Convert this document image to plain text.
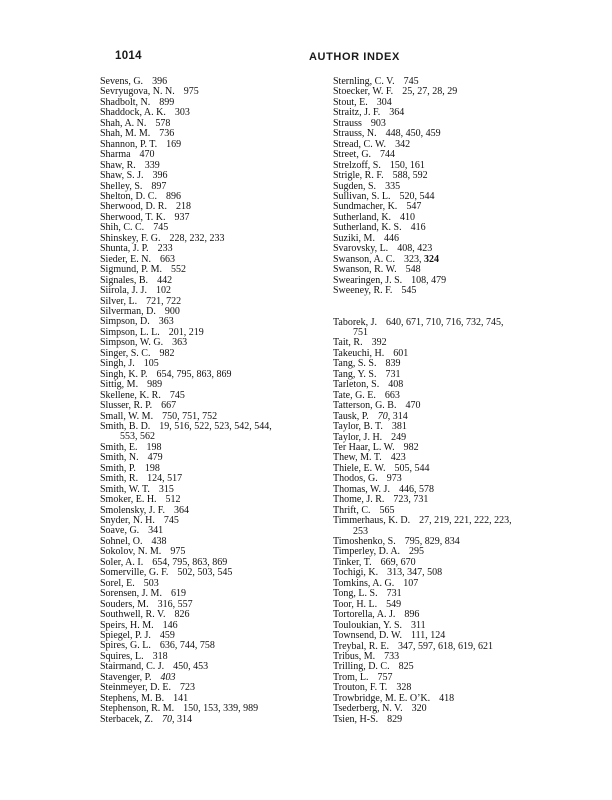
1014	AUTHOR INDEX
Sevens, G. 396
Sevryugova, N. N. 975
Shadbolt, N. 899
Shaddock, A. K. 303
Shah, A. N. 578
Shah, M. M. 736
Shannon, P. T. 169
Sharma 470
Shaw, R. 339
Shaw, S. J. 396
Shelley, S. 897
Shelton, D. C. 896
Sherwood, D. R. 218
Sherwood, T. K. 937
Shih, C. C. 745
Shinskey, F. G. 228, 232, 233
Shunta, J. P. 233
Sieder, E. N. 663
Sigmund, P. M. 552
Signales, B. 442
Siirola, J. J. 102
Silver, L. 721, 722
Silverman, D. 900
Simpson, D. 363
Simpson, L. L. 201, 219
Simpson, W. G. 363
Singer, S. C. 982
Singh, J. 105
Singh, K. P. 654, 795, 863, 869
Sittig, M. 989
Skellene, K. R. 745
Slusser, R. P. 667
Small, W. M. 750, 751, 752
Smith, B. D. 19, 516, 522, 523, 542, 544,
553, 562
Smith, E. 198
Smith, N. 479
Smith, P. 198
Smith, R. 124, 517
Smith, W. T. 315
Smoker, E. H. 512
Smolensky, J. F. 364
Snyder, N. H. 745
Soave, G. 341
Sohnel, O. 438
Sokolov, N. M. 975
Soler, A. I. 654, 795, 863, 869
Somerville, G. F. 502, 503, 545
Sorel, E. 503
Sorensen, J. M. 619
Souders, M. 316, 557
Southwell, R. V. 826
Speirs, H. M. 146
Spiegel, P. J. 459
Spires, G. L. 636, 744, 758
Squires, L. 318
Stairmand, C. J. 450, 453
Stavenger, P. 403
Steinmeyer, D. E. 723
Stephens, M. B. 141
Stephenson, R. M. 150, 153, 339, 989
Sterbacek, Z. 70, 314
Sternling, C. V. 745
Stoecker, W. F. 25, 27, 28, 29
Stout, E. 304
Straitz, J. F. 364
Strauss 903
Strauss, N. 448, 450, 459
Stread, C. W. 342
Street, G. 744
Strelzoff, S. 150, 161
Strigle, R. F. 588, 592
Sugden, S. 335
Sullivan, S. L. 520, 544
Sundmacher, K. 547
Sutherland, K. 410
Sutherland, K. S. 416
Suziki, M. 446
Svarovsky, L. 408, 423
Swanson, A. C. 323, 324
Swanson, R. W. 548
Swearingen, J. S. 108, 479
Sweeney, R. F. 545
Taborek, J. 640, 671, 710, 716, 732, 745,
751
Tait, R. 392
Takeuchi, H. 601
Tang, S. S. 839
Tang, Y. S. 731
Tarleton, S. 408
Tate, G. E. 663
Tatterson, G. B. 470
Tausk, P. 70, 314
Taylor, B. T. 381
Taylor, J. H. 249
Ter Haar, L. W. 982
Thew, M. T. 423
Thiele, E. W. 505, 544
Thodos, G. 973
Thomas, W. J. 446, 578
Thome, J. R. 723, 731
Thrift, C. 565
Timmerhaus, K. D. 27, 219, 221, 222, 223,
253
Timoshenko, S. 795, 829, 834
Timperley, D. A. 295
Tinker, T. 669, 670
Tochigi, K. 313, 347, 508
Tomkins, A. G. 107
Tong, L. S. 731
Toor, H. L. 549
Tortorella, A. J. 896
Touloukian, Y. S. 311
Townsend, D. W. 111, 124
Treybal, R. E. 347, 597, 618, 619, 621
Tribus, M. 733
Trilling, D. C. 825
Trom, L. 757
Trouton, F. T. 328
Trowbridge, M. E. O’K. 418
Tsederberg, N. V. 320
Tsien, H-S. 829
